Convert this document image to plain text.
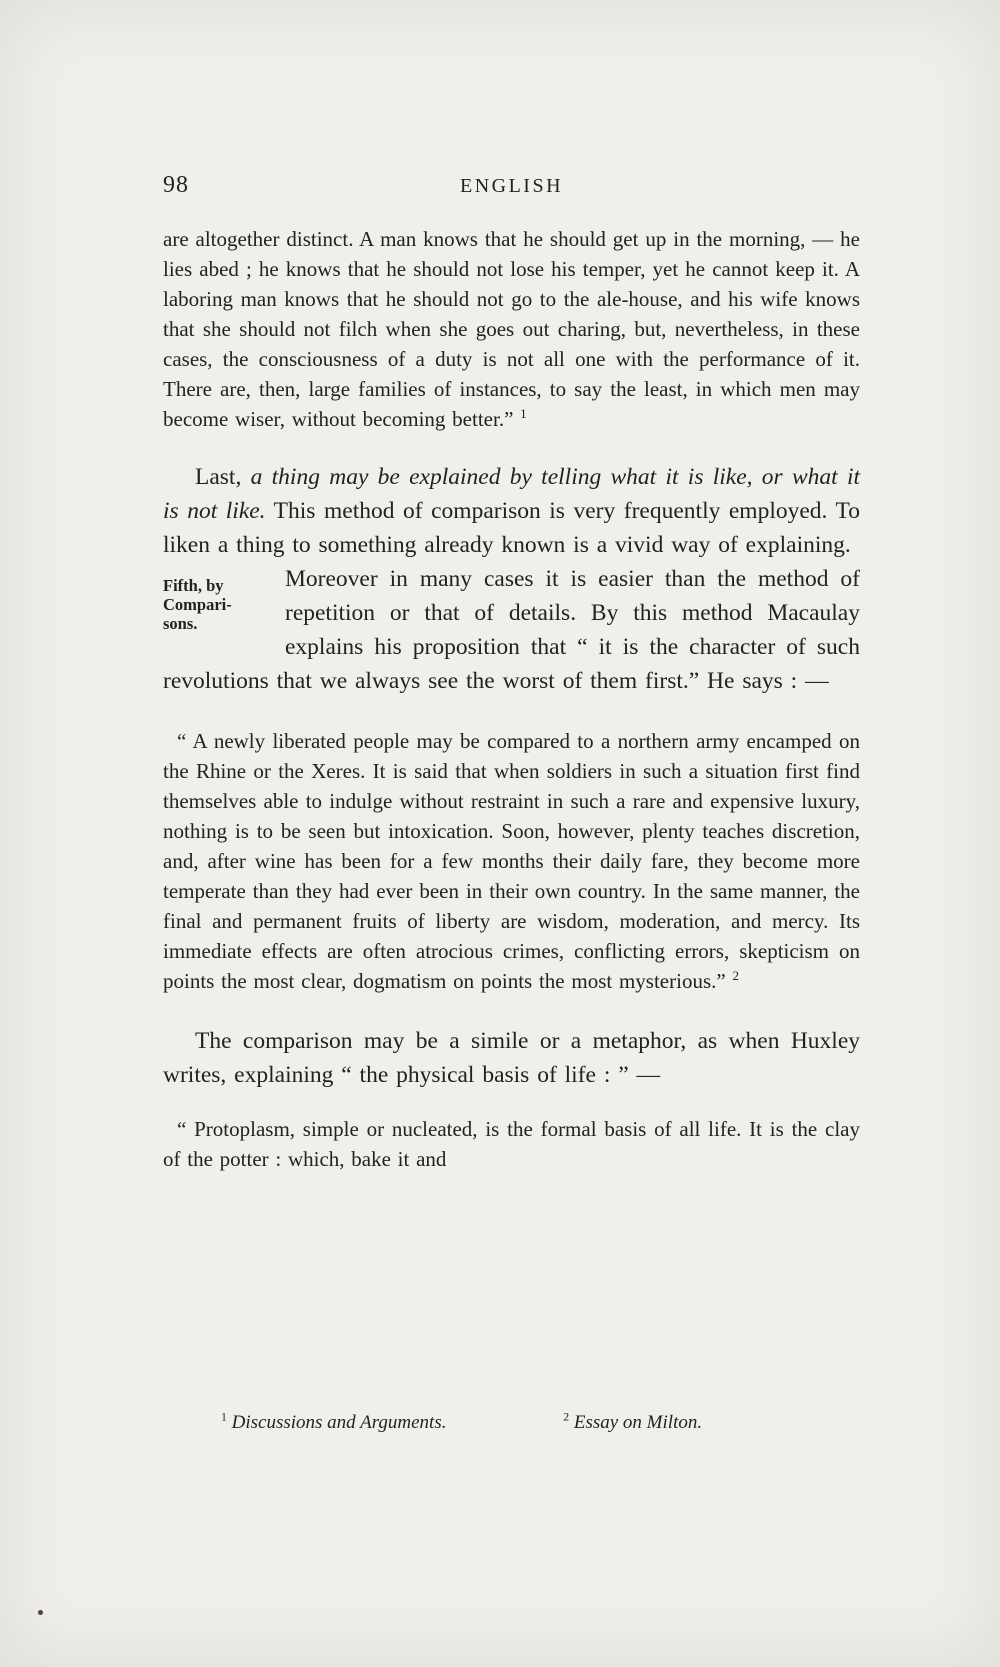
98	ENGLISH

are altogether distinct. A man knows that he should get up in the morning, — he lies abed ; he knows that he should not lose his temper, yet he cannot keep it. A laboring man knows that he should not go to the ale-house, and his wife knows that she should not filch when she goes out charing, but, nevertheless, in these cases, the consciousness of a duty is not all one with the performance of it. There are, then, large families of instances, to say the least, in which men may become wiser, without becoming better.” $^1$

Last, a thing may be explained by telling what it is like, or what it is not like. This method of comparison is very frequently employed. To liken a thing to something already known is a vivid way of explaining.

Fifth, by
Compari-
sons.
Moreover in many cases it is easier than the method of repetition or that of details. By this method Macaulay explains his proposition that “ it is the character of such revolutions that we always see the worst of them first.” He says : —

“ A newly liberated people may be compared to a northern army encamped on the Rhine or the Xeres. It is said that when soldiers in such a situation first find themselves able to indulge without restraint in such a rare and expensive luxury, nothing is to be seen but intoxication. Soon, however, plenty teaches discretion, and, after wine has been for a few months their daily fare, they become more temperate than they had ever been in their own country. In the same manner, the final and permanent fruits of liberty are wisdom, moderation, and mercy. Its immediate effects are often atrocious crimes, conflicting errors, skepticism on points the most clear, dogmatism on points the most mysterious.” $^2$

The comparison may be a simile or a metaphor, as when Huxley writes, explaining “ the physical basis of life : ” —

“ Protoplasm, simple or nucleated, is the formal basis of all life. It is the clay of the potter : which, bake it and

$^1$ Discussions and Arguments.	$^2$ Essay on Milton.
